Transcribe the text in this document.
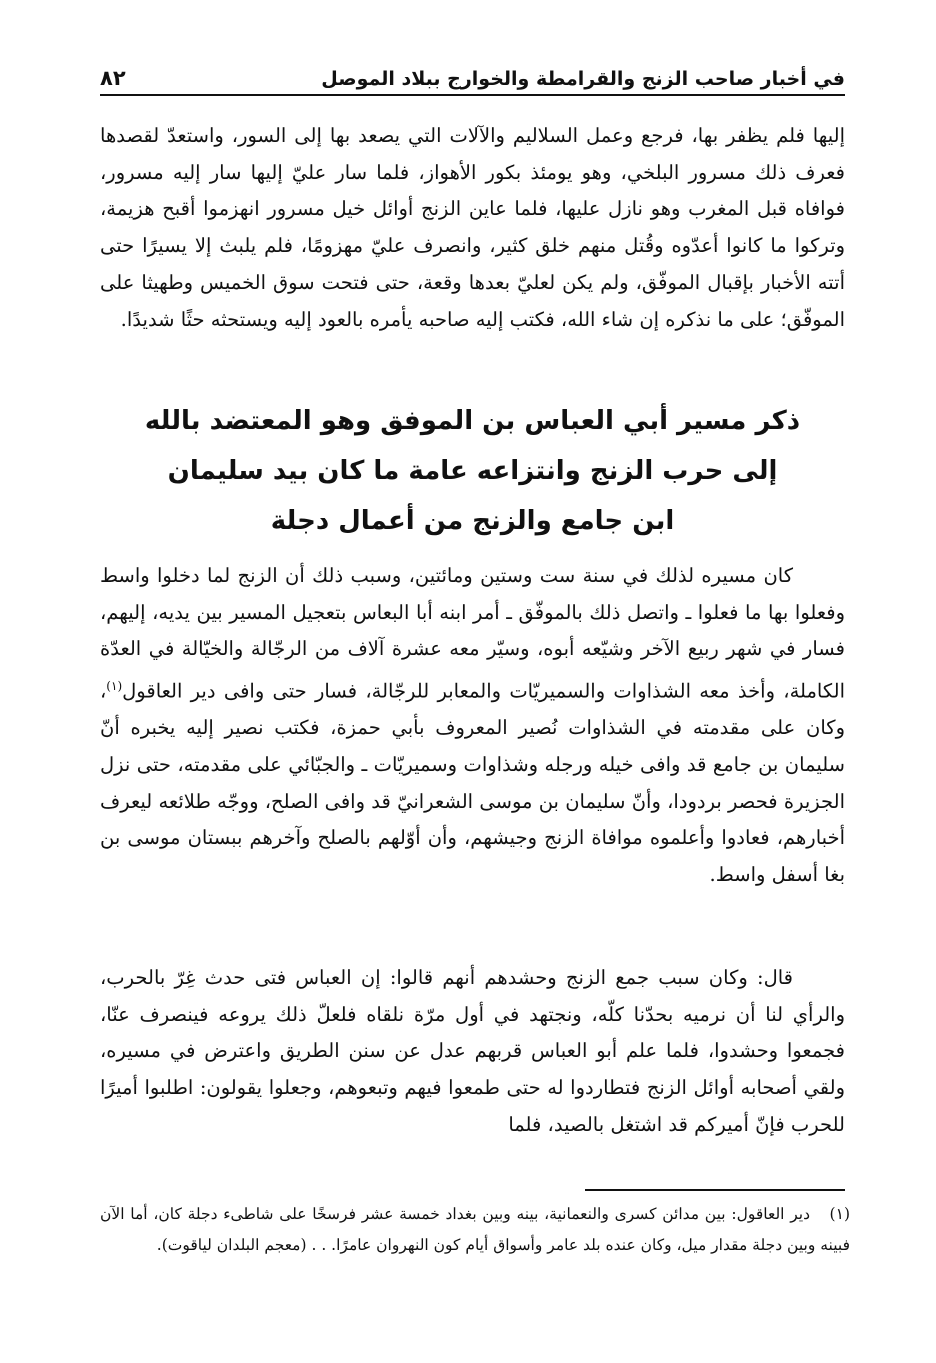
في أخبار صاحب الزنج والقرامطة والخوارج ببلاد الموصل
٨٢

إليها فلم يظفر بها، فرجع وعمل السلاليم والآلات التي يصعد بها إلى السور، واستعدّ لقصدها فعرف ذلك مسرور البلخي، وهو يومئذ بكور الأهواز، فلما سار عليّ إليها سار إليه مسرور، فوافاه قبل المغرب وهو نازل عليها، فلما عاين الزنج أوائل خيل مسرور انهزموا أقبح هزيمة، وتركوا ما كانوا أعدّوه وقُتل منهم خلق كثير، وانصرف عليّ مهزومًا، فلم يلبث إلا يسيرًا حتى أتته الأخبار بإقبال الموفّق، ولم يكن لعليّ بعدها وقعة، حتى فتحت سوق الخميس وطهيثا على الموفّق؛ على ما نذكره إن شاء الله، فكتب إليه صاحبه يأمره بالعود إليه ويستحثه حثًا شديدًا.

ذكر مسير أبي العباس بن الموفق وهو المعتضد بالله
إلى حرب الزنج وانتزاعه عامة ما كان بيد سليمان
ابن جامع والزنج من أعمال دجلة

كان مسيره لذلك في سنة ست وستين ومائتين، وسبب ذلك أن الزنج لما دخلوا واسط وفعلوا بها ما فعلوا ـ واتصل ذلك بالموفّق ـ أمر ابنه أبا البعاس بتعجيل المسير بين يديه، إليهم، فسار في شهر ربيع الآخر وشيّعه أبوه، وسيّر معه عشرة آلاف من الرجّالة والخيّالة في العدّة الكاملة، وأخذ معه الشذاوات والسميريّات والمعابر للرجّالة، فسار حتى وافى دير العاقول$^{(١)}$، وكان على مقدمته في الشذاوات نُصير المعروف بأبي حمزة، فكتب نصير إليه يخبره أنّ سليمان بن جامع قد وافى خيله ورجله وشذاوات وسميريّات ـ والجبّائي على مقدمته، حتى نزل الجزيرة فحصر بردودا، وأنّ سليمان بن موسى الشعرانيّ قد وافى الصلح، ووجّه طلائعه ليعرف أخبارهم، فعادوا وأعلموه موافاة الزنج وجيشهم، وأن أوّلهم بالصلح وآخرهم ببستان موسى بن بغا أسفل واسط.

قال: وكان سبب جمع الزنج وحشدهم أنهم قالوا: إن العباس فتى حدث غِرّ بالحرب، والرأي لنا أن نرميه بحدّنا كلّه، ونجتهد في أول مرّة نلقاه فلعلّ ذلك يروعه فينصرف عنّا، فجمعوا وحشدوا، فلما علم أبو العباس قربهم عدل عن سنن الطريق واعترض في مسيره، ولقي أصحابه أوائل الزنج فتطاردوا له حتى طمعوا فيهم وتبعوهم، وجعلوا يقولون: اطلبوا أميرًا للحرب فإنّ أميركم قد اشتغل بالصيد، فلما

(١)دير العاقول: بين مدائن كسرى والنعمانية، بينه وبين بغداد خمسة عشر فرسخًا على شاطىء دجلة كان، أما الآن فبينه وبين دجلة مقدار ميل، وكان عنده بلد عامر وأسواق أيام كون النهروان عامرًا. . . (معجم البلدان لياقوت).
